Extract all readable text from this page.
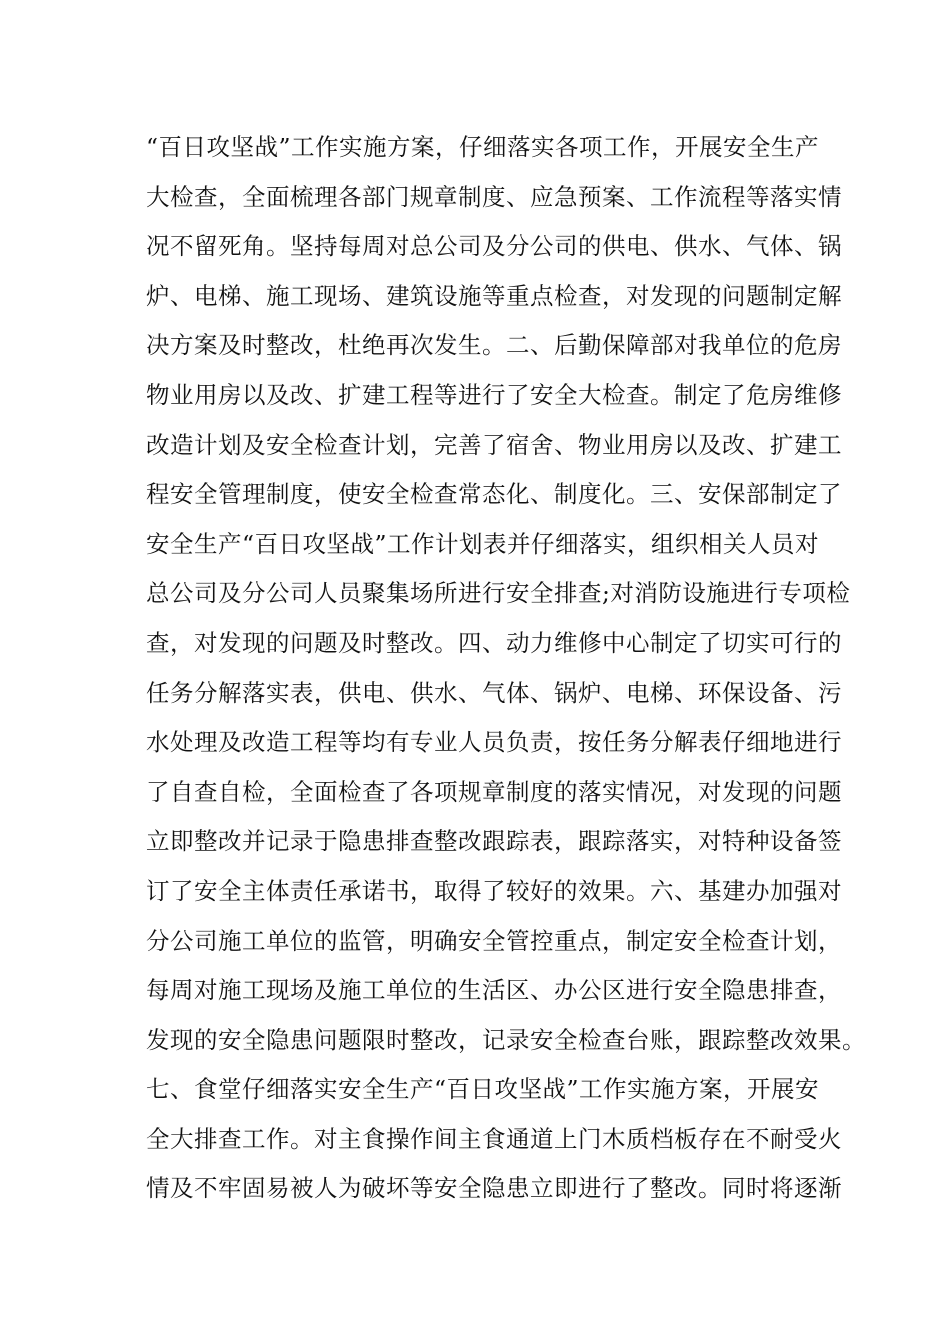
“百日攻坚战”工作实施方案，仔细落实各项工作，开展安全生产
大检查，全面梳理各部门规章制度、应急预案、工作流程等落实情
况不留死角。坚持每周对总公司及分公司的供电、供水、气体、锅
炉、电梯、施工现场、建筑设施等重点检查，对发现的问题制定解
决方案及时整改，杜绝再次发生。二、后勤保障部对我单位的危房
物业用房以及改、扩建工程等进行了安全大检查。制定了危房维修
改造计划及安全检查计划，完善了宿舍、物业用房以及改、扩建工
程安全管理制度，使安全检查常态化、制度化。三、安保部制定了
安全生产“百日攻坚战”工作计划表并仔细落实，组织相关人员对
总公司及分公司人员聚集场所进行安全排查;对消防设施进行专项检
查，对发现的问题及时整改。四、动力维修中心制定了切实可行的
任务分解落实表，供电、供水、气体、锅炉、电梯、环保设备、污
水处理及改造工程等均有专业人员负责，按任务分解表仔细地进行
了自查自检，全面检查了各项规章制度的落实情况，对发现的问题
立即整改并记录于隐患排查整改跟踪表，跟踪落实，对特种设备签
订了安全主体责任承诺书，取得了较好的效果。六、基建办加强对
分公司施工单位的监管，明确安全管控重点，制定安全检查计划，
每周对施工现场及施工单位的生活区、办公区进行安全隐患排查，
发现的安全隐患问题限时整改，记录安全检查台账，跟踪整改效果。
七、食堂仔细落实安全生产“百日攻坚战”工作实施方案，开展安
全大排查工作。对主食操作间主食通道上门木质档板存在不耐受火
情及不牢固易被人为破坏等安全隐患立即进行了整改。同时将逐渐
